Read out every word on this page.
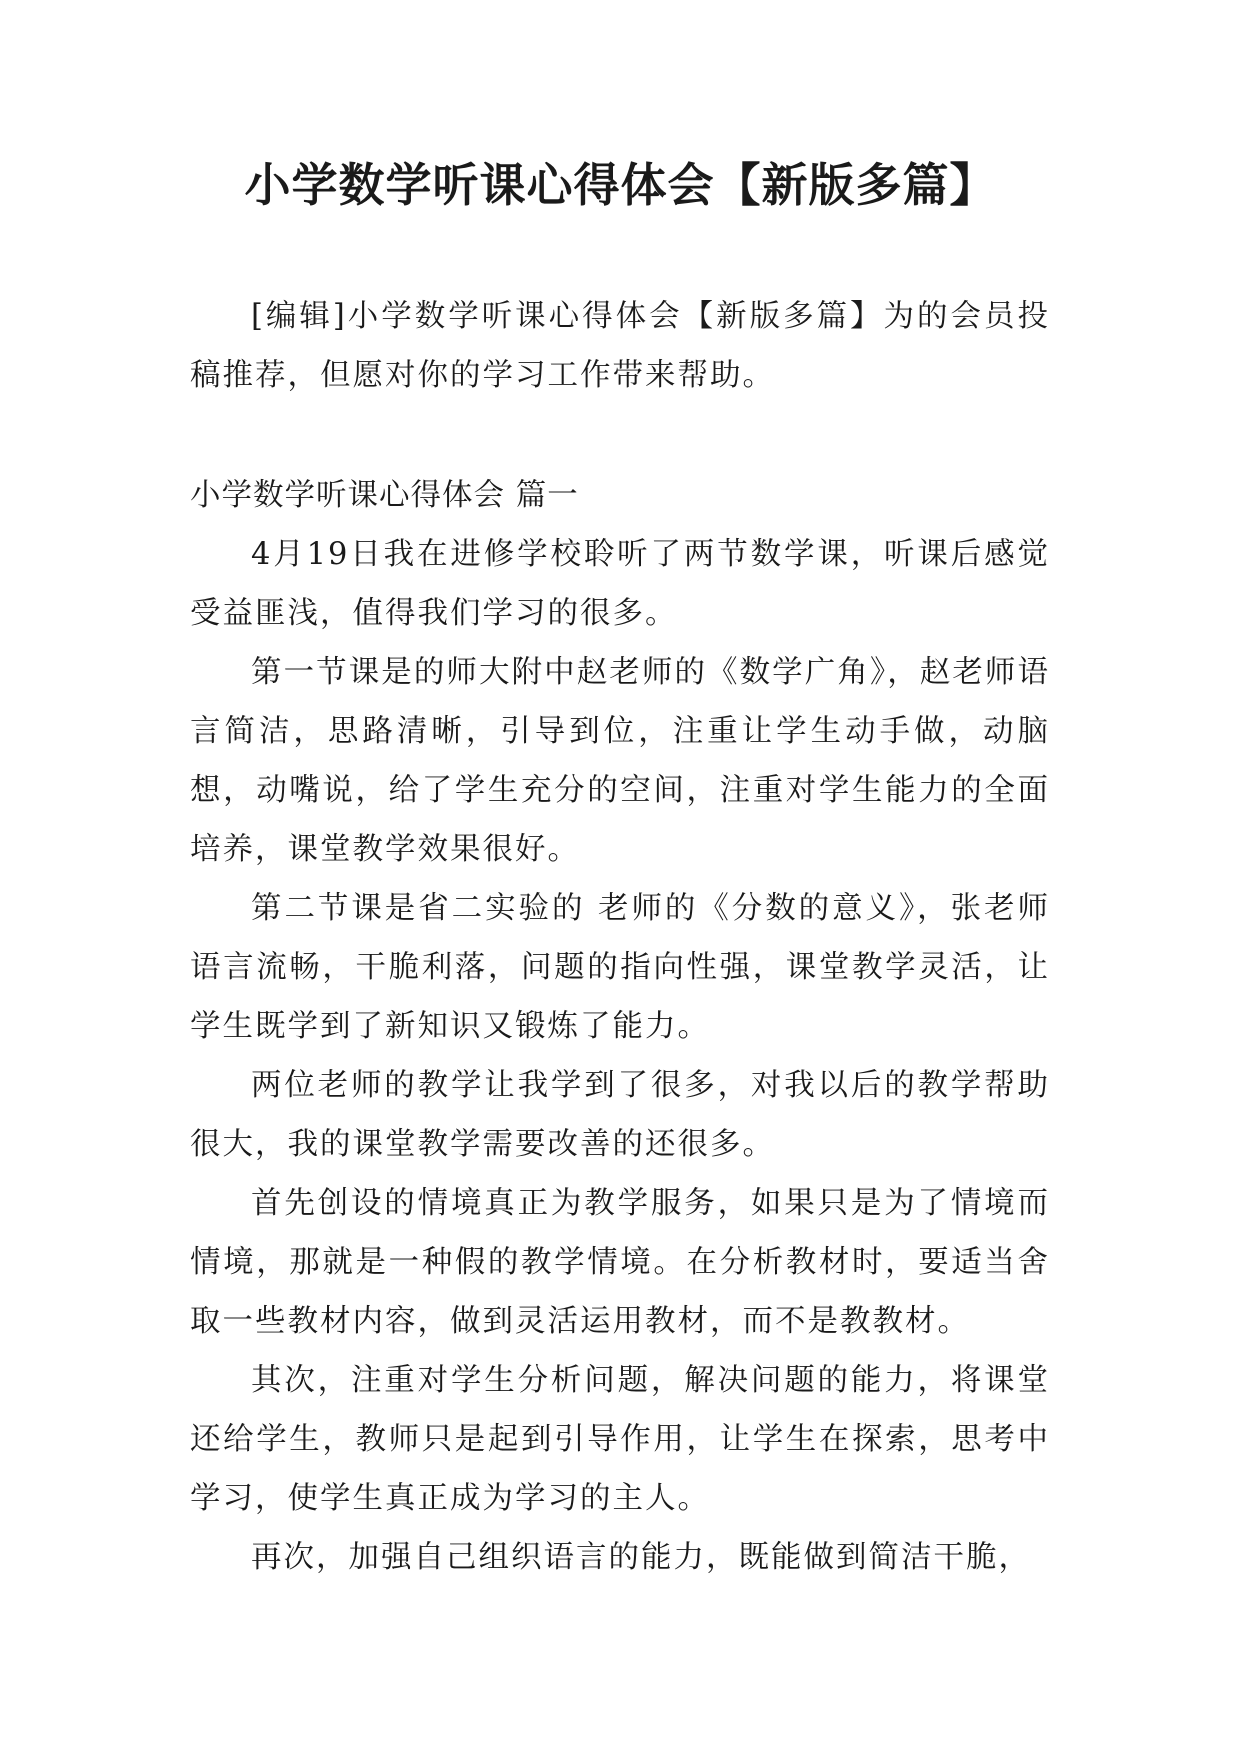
小学数学听课心得体会【新版多篇】

[编辑]小学数学听课心得体会【新版多篇】为的会员投稿推荐，但愿对你的学习工作带来帮助。

小学数学听课心得体会 篇一

4月19日我在进修学校聆听了两节数学课，听课后感觉受益匪浅，值得我们学习的很多。

第一节课是的师大附中赵老师的《数学广角》，赵老师语言简洁，思路清晰，引导到位，注重让学生动手做，动脑想，动嘴说，给了学生充分的空间，注重对学生能力的全面培养，课堂教学效果很好。

第二节课是省二实验的 老师的《分数的意义》，张老师语言流畅，干脆利落，问题的指向性强，课堂教学灵活，让学生既学到了新知识又锻炼了能力。

两位老师的教学让我学到了很多，对我以后的教学帮助很大，我的课堂教学需要改善的还很多。

首先创设的情境真正为教学服务，如果只是为了情境而情境，那就是一种假的教学情境。在分析教材时，要适当舍取一些教材内容，做到灵活运用教材，而不是教教材。

其次，注重对学生分析问题，解决问题的能力，将课堂还给学生，教师只是起到引导作用，让学生在探索，思考中学习，使学生真正成为学习的主人。

再次，加强自己组织语言的能力，既能做到简洁干脆，
